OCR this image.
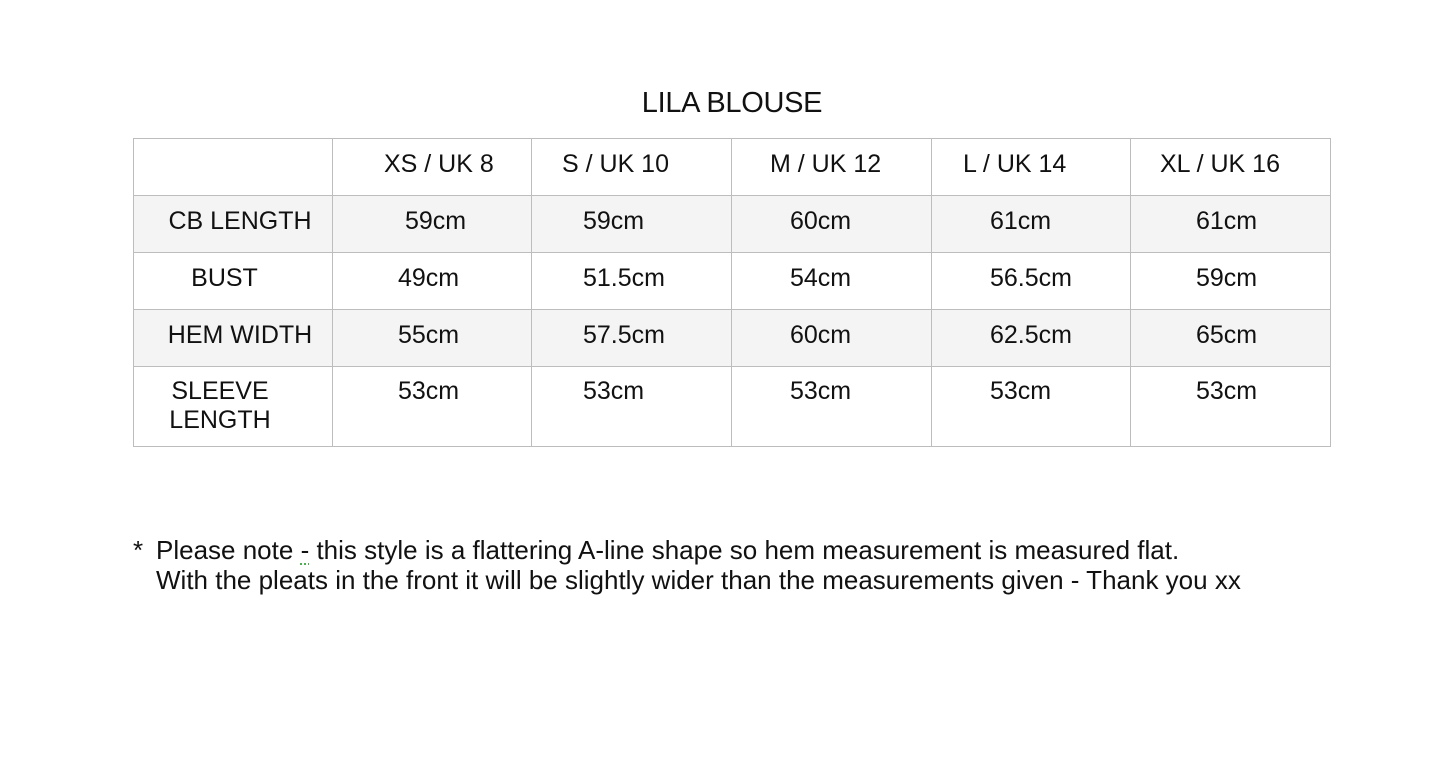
LILA BLOUSE

	XS / UK 8	S / UK 10	M / UK 12	L / UK 14	XL / UK 16

CB LENGTH	59cm	59cm	60cm	61cm	61cm

BUST	49cm	51.5cm	54cm	56.5cm	59cm

HEM WIDTH	55cm	57.5cm	60cm	62.5cm	65cm

SLEEVE
LENGTH	53cm	53cm	53cm	53cm	53cm
* Please note - this style is a flattering A-line shape so hem measurement is measured flat.
With the pleats in the front it will be slightly wider than the measurements given - Thank you xx
